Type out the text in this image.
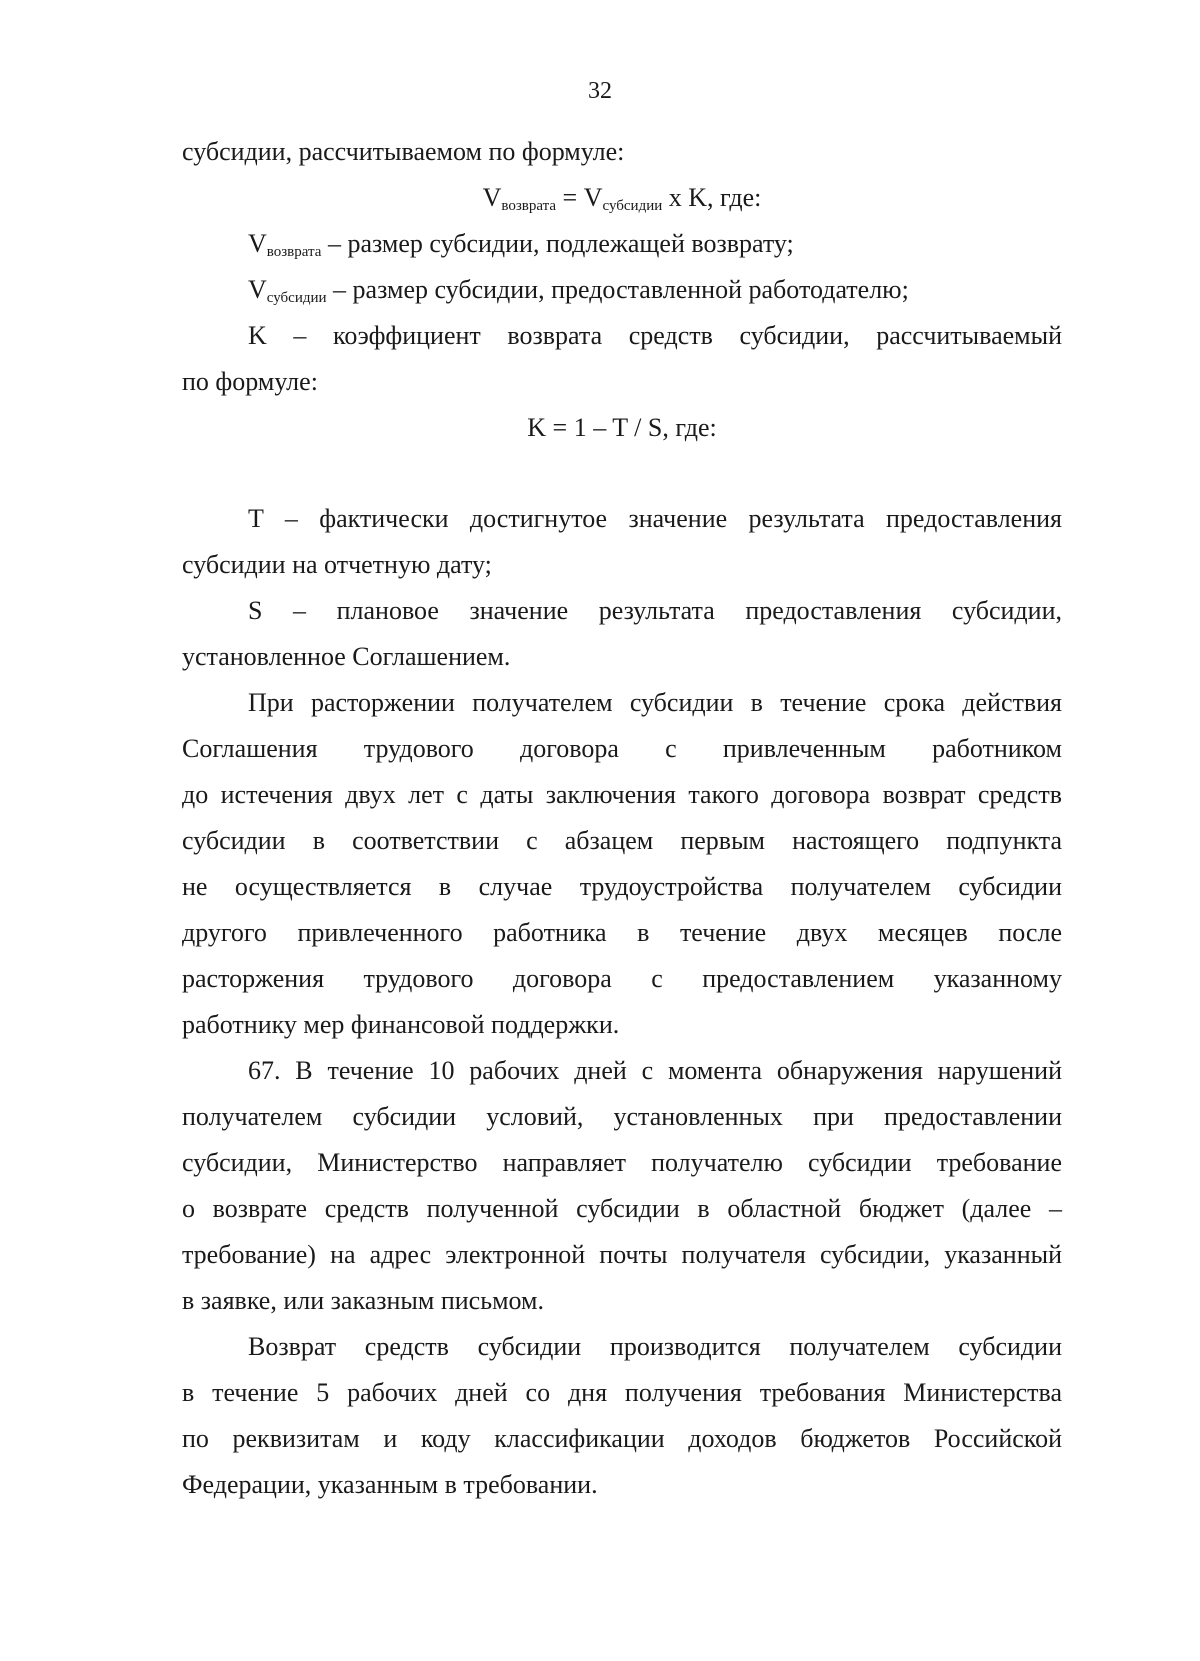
32
субсидии, рассчитываемом по формуле:
$V_{возврата} = V_{субсидии}$ х K, где:
$V_{возврата}$ – размер субсидии, подлежащей возврату;
$V_{субсидии}$ – размер субсидии, предоставленной работодателю;
K – коэффициент возврата средств субсидии, рассчитываемый
по формуле:
K = 1 – T / S, где:
T – фактически достигнутое значение результата предоставления
субсидии на отчетную дату;
S – плановое значение результата предоставления субсидии,
установленное Соглашением.
При расторжении получателем субсидии в течение срока действия
Соглашения трудового договора с привлеченным работником
до истечения двух лет с даты заключения такого договора возврат средств
субсидии в соответствии с абзацем первым настоящего подпункта
не осуществляется в случае трудоустройства получателем субсидии
другого привлеченного работника в течение двух месяцев после
расторжения трудового договора с предоставлением указанному
работнику мер финансовой поддержки.
67. В течение 10 рабочих дней с момента обнаружения нарушений
получателем субсидии условий, установленных при предоставлении
субсидии, Министерство направляет получателю субсидии требование
о возврате средств полученной субсидии в областной бюджет (далее –
требование) на адрес электронной почты получателя субсидии, указанный
в заявке, или заказным письмом.
Возврат средств субсидии производится получателем субсидии
в течение 5 рабочих дней со дня получения требования Министерства
по реквизитам и коду классификации доходов бюджетов Российской
Федерации, указанным в требовании.
